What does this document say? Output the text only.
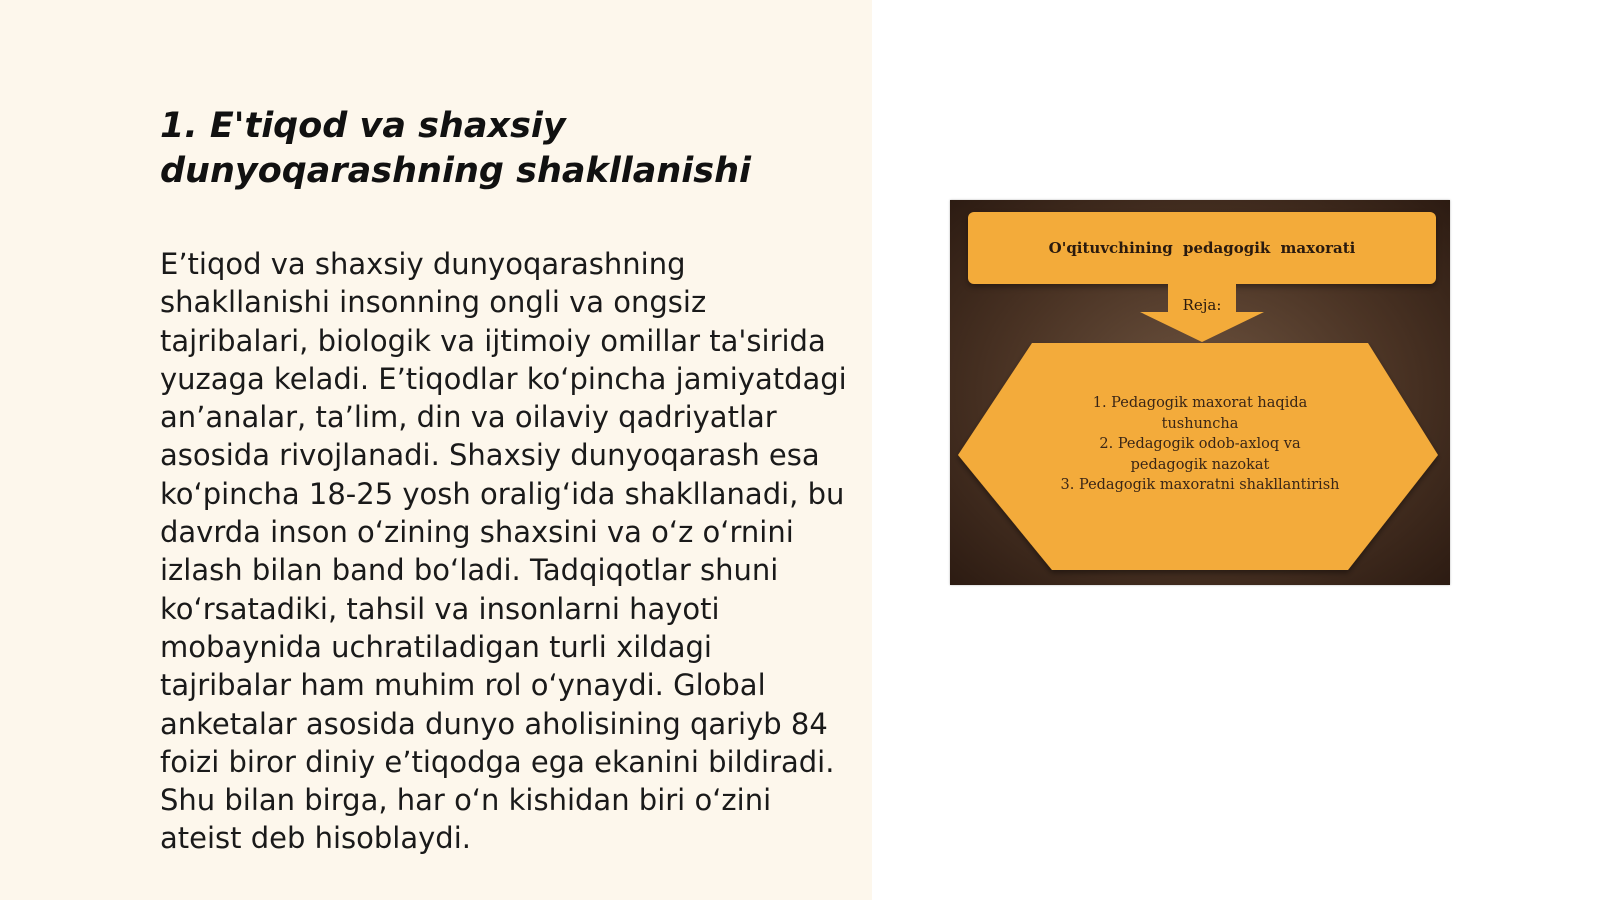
1. E'tiqod va shaxsiy dunyoqarashning shakllanishi

E’tiqod va shaxsiy dunyoqarashning shakllanishi insonning ongli va ongsiz tajribalari, biologik va ijtimoiy omillar ta'sirida yuzaga keladi. E’tiqodlar ko‘pincha jamiyatdagi an’analar, ta’lim, din va oilaviy qadriyatlar asosida rivojlanadi. Shaxsiy dunyoqarash esa ko‘pincha 18-25 yosh oralig‘ida shakllanadi, bu davrda inson o‘zining shaxsini va o‘z o‘rnini izlash bilan band bo‘ladi. Tadqiqotlar shuni ko‘rsatadiki, tahsil va insonlarni hayoti mobaynida uchratiladigan turli xildagi tajribalar ham muhim rol o‘ynaydi. Global anketalar asosida dunyo aholisining qariyb 84 foizi biror diniy e’tiqodga ega ekanini bildiradi. Shu bilan birga, har o‘n kishidan biri o‘zini ateist deb hisoblaydi.

O'qituvchining pedagogik maxorati
Reja:
1. Pedagogik maxorat haqida tushuncha
2. Pedagogik odob-axloq va pedagogik nazokat
3. Pedagogik maxoratni shakllantirish
